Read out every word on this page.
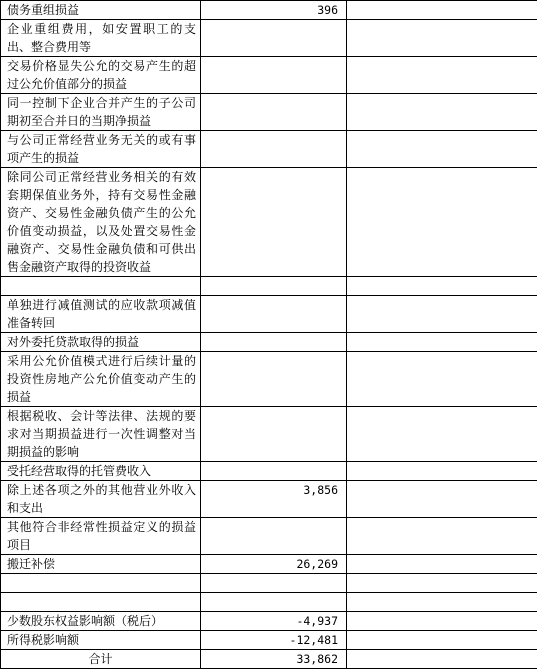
债务重组损益	396	
企业重组费用，如安置职工的支出、整合费用等		
交易价格显失公允的交易产生的超过公允价值部分的损益		
同一控制下企业合并产生的子公司期初至合并日的当期净损益		
与公司正常经营业务无关的或有事项产生的损益		
除同公司正常经营业务相关的有效套期保值业务外，持有交易性金融资产、交易性金融负债产生的公允价值变动损益，以及处置交易性金融资产、交易性金融负债和可供出售金融资产取得的投资收益		

单独进行减值测试的应收款项减值准备转回		
对外委托贷款取得的损益		
采用公允价值模式进行后续计量的投资性房地产公允价值变动产生的损益		
根据税收、会计等法律、法规的要求对当期损益进行一次性调整对当期损益的影响		
受托经营取得的托管费收入		
除上述各项之外的其他营业外收入和支出	3,856	
其他符合非经常性损益定义的损益项目		
搬迁补偿	26,269	

少数股东权益影响额（税后）	-4,937	
所得税影响额	-12,481	
合计	33,862	
